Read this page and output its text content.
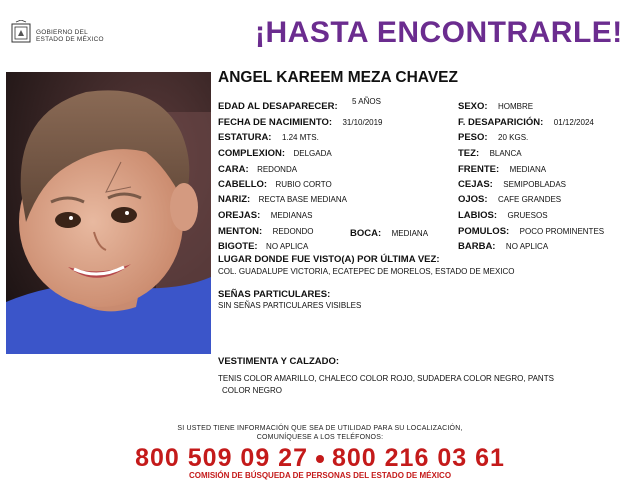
GOBIERNO DEL
ESTADO DE MÉXICO	¡HASTA ENCONTRARLE!
ANGEL KAREEM MEZA CHAVEZ
EDAD AL DESAPARECER: 5 AÑOS
FECHA DE NACIMIENTO: 31/10/2019
ESTATURA: 1.24 MTS.
COMPLEXION: DELGADA
CARA: REDONDA
CABELLO: RUBIO CORTO
NARIZ: RECTA BASE MEDIANA
OREJAS: MEDIANAS
MENTON: REDONDO	BOCA: MEDIANA
BIGOTE: NO APLICA
SEXO: HOMBRE
F. DESAPARICIÓN: 01/12/2024
PESO: 20 KGS.
TEZ: BLANCA
FRENTE: MEDIANA
CEJAS: SEMIPOBLADAS
OJOS: CAFE GRANDES
LABIOS: GRUESOS
POMULOS: POCO PROMINENTES
BARBA: NO APLICA
LUGAR DONDE FUE VISTO(A) POR ÚLTIMA VEZ:
COL. GUADALUPE VICTORIA, ECATEPEC DE MORELOS, ESTADO DE MEXICO
SEÑAS PARTICULARES:
SIN SEÑAS PARTICULARES VISIBLES
VESTIMENTA Y CALZADO:
TENIS COLOR AMARILLO, CHALECO COLOR ROJO, SUDADERA COLOR NEGRO, PANTS
COLOR NEGRO
SI USTED TIENE INFORMACIÓN QUE SEA DE UTILIDAD PARA SU LOCALIZACIÓN,
COMUNÍQUESE A LOS TELÉFONOS:
800 509 09 27 800 216 03 61
COMISIÓN DE BÚSQUEDA DE PERSONAS DEL ESTADO DE MÉXICO
